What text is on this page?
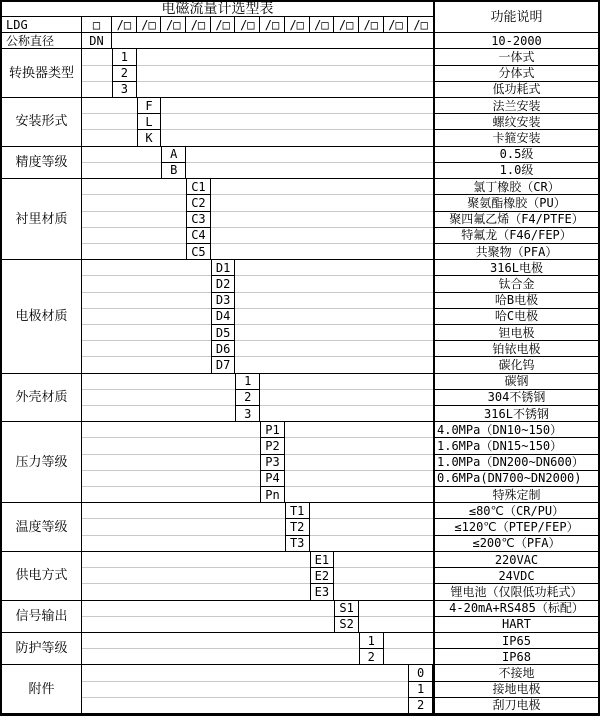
电磁流量计选型表
功能说明
LDG	□
公称直径	DN	10-2000
/□ /□ /□ /□ /□ /□ /□ /□ /□ /□ /□ /□ /□
转换器类型
1	一体式
2	分体式
3	低功耗式
安装形式
F	法兰安装
L	螺纹安装
K	卡箍安装
精度等级
A	0.5级
B	1.0级
衬里材质
C1	氯丁橡胶（CR）
C2	聚氨酯橡胶（PU）
C3	聚四氟乙烯（F4/PTFE）
C4	特氟龙（F46/FEP）
C5	共聚物（PFA）
电极材质
D1	316L电极
D2	钛合金
D3	哈B电极
D4	哈C电极
D5	钽电极
D6	铂铱电极
D7	碳化钨
外壳材质
1	碳钢
2	304不锈钢
3	316L不锈钢
压力等级
P1	4.0MPa（DN10~150）
P2	1.6MPa（DN15~150）
P3	1.0MPa（DN200~DN600）
P4	0.6MPa(DN700~DN2000)
Pn	特殊定制
温度等级
T1	≤80℃（CR/PU）
T2	≤120℃（PTEP/FEP）
T3	≤200℃（PFA）
供电方式
E1	220VAC
E2	24VDC
E3	锂电池（仅限低功耗式）
信号输出
S1	4-20mA+RS485（标配）
S2	HART
防护等级
1	IP65
2	IP68
附件
0	不接地
1	接地电极
2	刮刀电极
